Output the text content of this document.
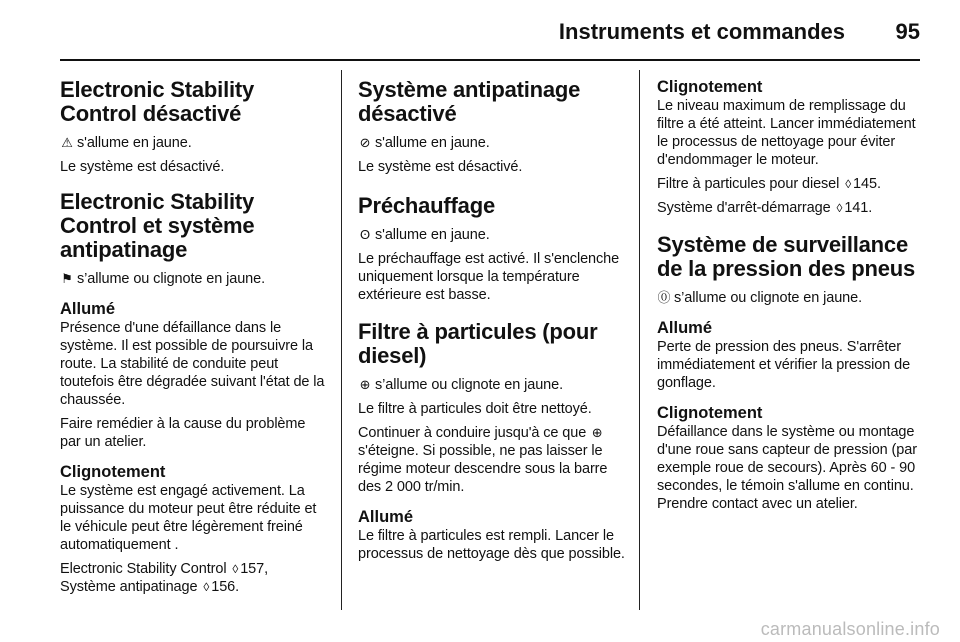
Instruments et commandes 95
Electronic Stability Control désactivé

⚠ s'allume en jaune.

Le système est désactivé.

Electronic Stability Control et système antipatinage

⚑ s’allume ou clignote en jaune.

Allumé

Présence d'une défaillance dans le système. Il est possible de poursuivre la route. La stabilité de conduite peut toutefois être dégradée suivant l'état de la chaussée.

Faire remédier à la cause du problème par un atelier.

Clignotement

Le système est engagé activement. La puissance du moteur peut être réduite et le véhicule peut être légèrement freiné automatiquement .

Electronic Stability Control ◊ 157,
Système antipatinage ◊ 156.

Système antipatinage désactivé

⊘ s'allume en jaune.

Le système est désactivé.

Préchauffage

ʘ s'allume en jaune.

Le préchauffage est activé. Il s'enclenche uniquement lorsque la température extérieure est basse.

Filtre à particules (pour diesel)

⊕ s’allume ou clignote en jaune.

Le filtre à particules doit être nettoyé.

Continuer à conduire jusqu'à ce que ⊕s'éteigne. Si possible, ne pas laisser le régime moteur descendre sous la barre des 2 000 tr/min.

Allumé

Le filtre à particules est rempli. Lancer le processus de nettoyage dès que possible.

Clignotement

Le niveau maximum de remplissage du filtre a été atteint. Lancer immédiatement le processus de nettoyage pour éviter d'endommager le moteur.

Filtre à particules pour diesel ◊ 145.

Système d'arrêt-démarrage ◊ 141.

Système de surveillance de la pression des pneus

⓪ s’allume ou clignote en jaune.

Allumé

Perte de pression des pneus. S'arrêter immédiatement et vérifier la pression de gonflage.

Clignotement

Défaillance dans le système ou montage d'une roue sans capteur de pression (par exemple roue de secours). Après 60 - 90 secondes, le témoin s'allume en continu. Prendre contact avec un atelier.

carmanualsonline.info
